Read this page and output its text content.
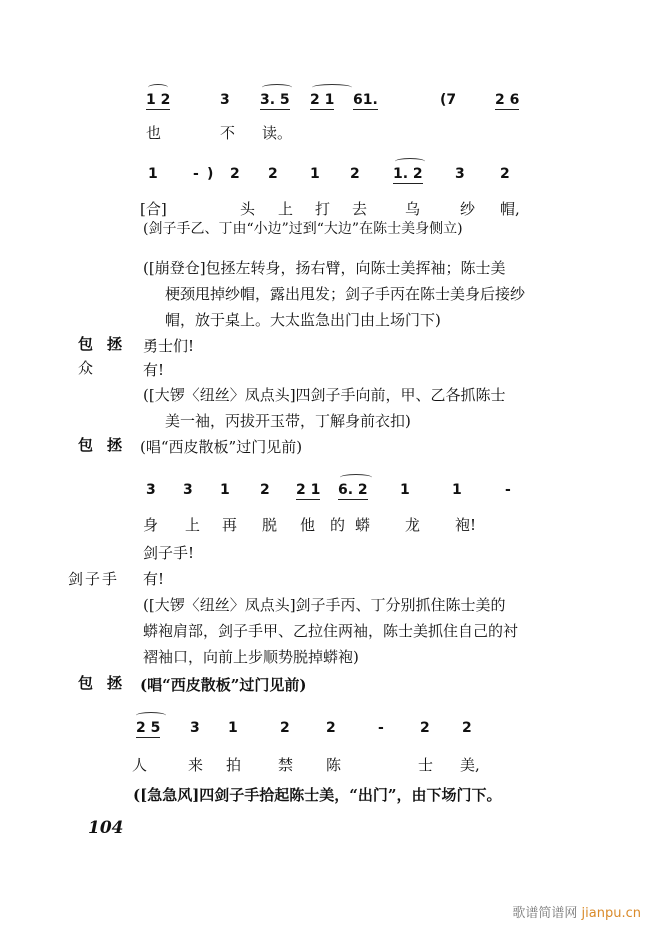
1 2	3 3. 5 2 1 61.	(7	2 6
也	不 读。
1	- ) 2 2 1 2 1. 2 3	2
[合]	头 上 打 去	乌	纱 帽,
3 3 1 2 2 1 6. 2 1	1	-
身 上 再 脱 他 的 蟒 龙 袍!
2 5 3 1	2	2	-	2 2
人	来 拍 禁 陈	士 美,
(剑子手乙、丁由“小边”过到“大边”在陈士美身侧立)
([崩登仓]包拯左转身，扬右臂，向陈士美挥袖；陈士美
梗颈甩掉纱帽，露出甩发；剑子手丙在陈士美身后接纱
帽，放于桌上。大太监急出门由上场门下)
包拯 勇士们!
众 有!
([大锣〈纽丝〉凤点头]四剑子手向前，甲、乙各抓陈士
美一袖，丙拔开玉带，丁解身前衣扣)
包拯 (唱“西皮散板”过门见前)
剑子手!
剑子手 有!
([大锣〈纽丝〉凤点头]剑子手丙、丁分别抓住陈士美的
蟒袍肩部，剑子手甲、乙拉住两袖，陈士美抓住自己的衬
褶袖口，向前上步顺势脱掉蟒袍)
包拯 (唱“西皮散板”过门见前)
([急急风]四剑子手拾起陈士美，“出门”，由下场门下。
104
歌谱简谱网 jianpu.cn
